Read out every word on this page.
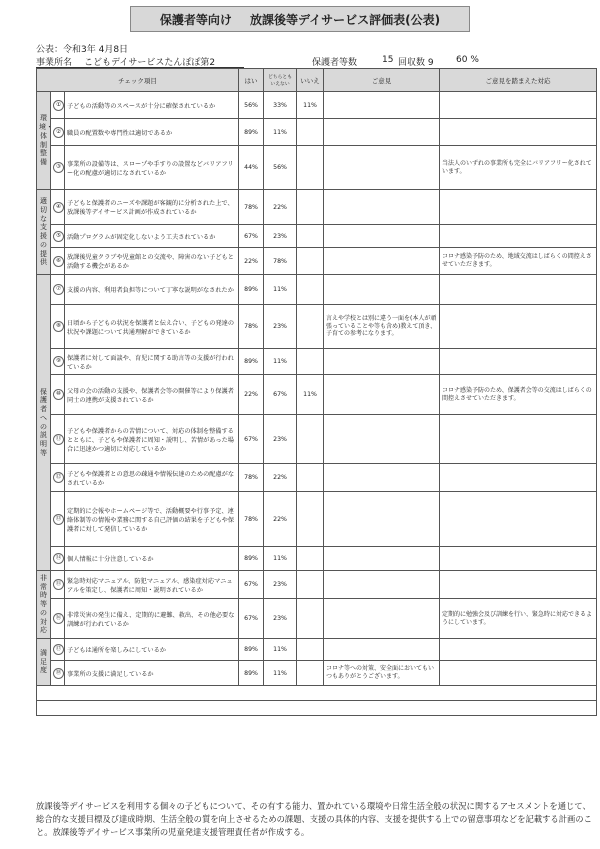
保護者等向け 放課後等デイサービス評価表(公表)
公表：令和3年 4月8日
事業所名 こどもデイサービスたんぽぽ第2	保護者等数	15 回収数 9 60 %
チェック項目			はい	どちらともいえない	いいえ	ご意見	ご意見を踏まえた対応
環境・体制整備	①	子どもの活動等のスペースが十分に確保されているか	56%	33%	11%		
	②	職員の配置数や専門性は適切であるか	89%	11%			
	③	事業所の設備等は、スロープや手すりの設置などバリアフリー化の配慮が適切になされているか	44%	56%			当法人のいずれの事業所も完全にバリアフリー化されています。
適切な支援の提供	④	子どもと保護者のニーズや課題が客観的に分析された上で、放課後等デイサービス計画が作成されているか	78%	22%			
	⑤	活動プログラムが固定化しないよう工夫されているか	67%	23%			
	⑥	放課後児童クラブや児童館との交流や、障害のない子どもと活動する機会があるか	22%	78%			コロナ感染予防のため、地域交流はしばらくの間控えさせていただきます。
保護者への説明等	⑦	支援の内容、利用者負担等について丁寧な説明がなされたか	89%	11%			
	⑧	日頃から子どもの状況を保護者と伝え合い、子どもの発達の状況や課題について共通理解ができているか	78%	23%		言えや学校とは別に違う一面を(本人が頑張っていることや等も含め)教えて頂き、子育ての参考になります。	
	⑨	保護者に対して面談や、育児に関する助言等の支援が行われているか	89%	11%			
	⑩	父母の会の活動の支援や、保護者会等の開催等により保護者同士の連携が支援されているか	22%	67%	11%		コロナ感染予防のため、保護者会等の交流はしばらくの間控えさせていただきます。
	⑪	子どもや保護者からの苦情について、対応の体制を整備するとともに、子どもや保護者に周知・説明し、苦情があった場合に迅速かつ適切に対応しているか	67%	23%			
	⑫	子どもや保護者との意思の疎通や情報伝達のための配慮がなされているか	78%	22%			
	⑬	定期的に会報やホームページ等で、活動概要や行事予定、連絡体制等の情報や業務に関する自己評価の結果を子どもや保護者に対して発信しているか	78%	22%			
	⑭	個人情報に十分注意しているか	89%	11%			
非常時等の対応	⑮	緊急時対応マニュアル、防犯マニュアル、感染症対応マニュアルを策定し、保護者に周知・説明されているか	67%	23%			
	⑯	非常災害の発生に備え、定期的に避難、救出、その他必要な訓練が行われているか	67%	23%			定期的に勉強会及び訓練を行い、緊急時に対応できるようにしています。
満足度	⑰	子どもは通所を楽しみにしているか	89%	11%			
	⑱	事業所の支援に満足しているか	89%	11%		コロナ等への対策、安全面においてもいつもありがとうございます。	

放課後等デイサービスを利用する個々の子どもについて、その有する能力、置かれている環境や日常生活全般の状況に関するアセスメントを通じて、総合的な支援目標及び達成時期、生活全般の質を向上させるための課題、支援の具体的内容、支援を提供する上での留意事項などを記載する計画のこと。放課後等デイサービス事業所の児童発達支援管理責任者が作成する。
